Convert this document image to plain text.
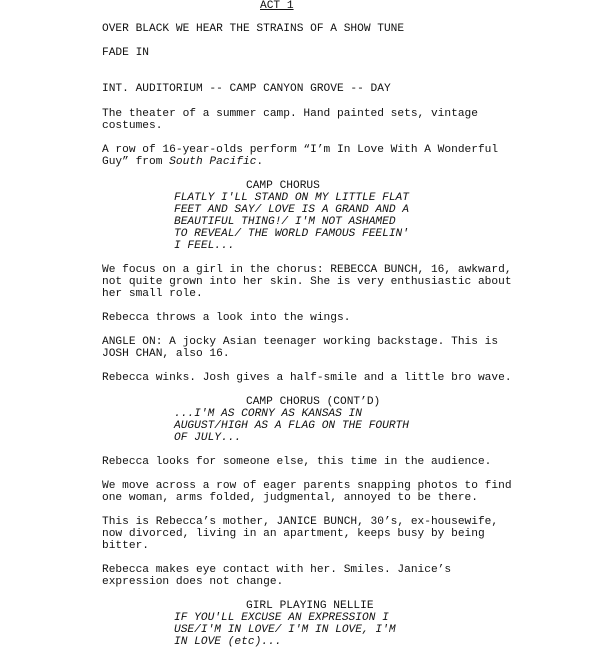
ACT 1
OVER BLACK WE HEAR THE STRAINS OF A SHOW TUNE
FADE IN
INT. AUDITORIUM -- CAMP CANYON GROVE -- DAY
The theater of a summer camp. Hand painted sets, vintage
costumes.
A row of 16-year-olds perform “I’m In Love With A Wonderful
Guy” from South Pacific.
CAMP CHORUS
FLATLY I'LL STAND ON MY LITTLE FLAT
FEET AND SAY/ LOVE IS A GRAND AND A
BEAUTIFUL THING!/ I'M NOT ASHAMED
TO REVEAL/ THE WORLD FAMOUS FEELIN'
I FEEL...
We focus on a girl in the chorus: REBECCA BUNCH, 16, awkward,
not quite grown into her skin. She is very enthusiastic about
her small role.
Rebecca throws a look into the wings.
ANGLE ON: A jocky Asian teenager working backstage. This is
JOSH CHAN, also 16.
Rebecca winks. Josh gives a half-smile and a little bro wave.
CAMP CHORUS (CONT’D)
...I'M AS CORNY AS KANSAS IN
AUGUST/HIGH AS A FLAG ON THE FOURTH
OF JULY...
Rebecca looks for someone else, this time in the audience.
We move across a row of eager parents snapping photos to find
one woman, arms folded, judgmental, annoyed to be there.
This is Rebecca’s mother, JANICE BUNCH, 30’s, ex-housewife,
now divorced, living in an apartment, keeps busy by being
bitter.
Rebecca makes eye contact with her. Smiles. Janice’s
expression does not change.
GIRL PLAYING NELLIE
IF YOU'LL EXCUSE AN EXPRESSION I
USE/I'M IN LOVE/ I'M IN LOVE, I'M
IN LOVE (etc)...
